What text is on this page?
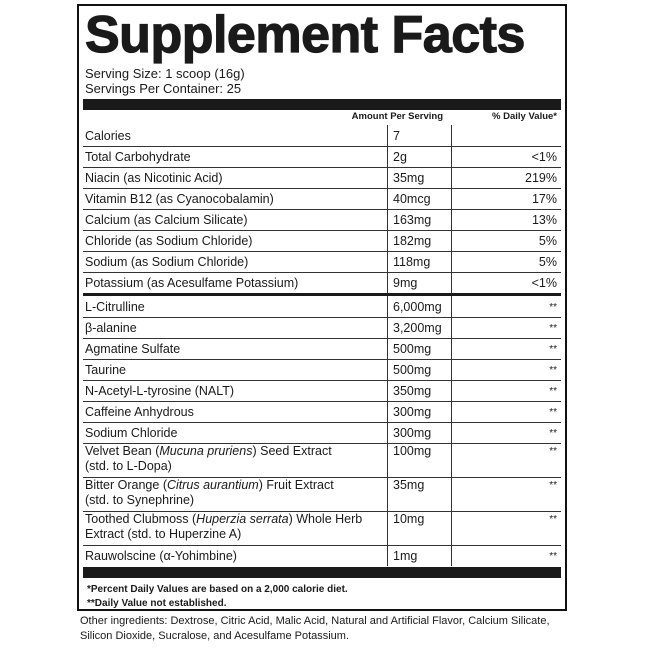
Supplement Facts
Serving Size: 1 scoop (16g)
Servings Per Container: 25
Amount Per Serving	% Daily Value*
Calories	7
Total Carbohydrate	2g	<1%
Niacin (as Nicotinic Acid)	35mg	219%
Vitamin B12 (as Cyanocobalamin)	40mcg	17%
Calcium (as Calcium Silicate)	163mg	13%
Chloride (as Sodium Chloride)	182mg	5%
Sodium (as Sodium Chloride)	118mg	5%
Potassium (as Acesulfame Potassium)	9mg	<1%
L-Citrulline	6,000mg	**
β-alanine	3,200mg	**
Agmatine Sulfate	500mg	**
Taurine	500mg	**
N-Acetyl-L-tyrosine (NALT)	350mg	**
Caffeine Anhydrous	300mg	**
Sodium Chloride	300mg	**
Velvet Bean (Mucuna pruriens) Seed Extract
(std. to L-Dopa)
100mg	**
Bitter Orange (Citrus aurantium) Fruit Extract
(std. to Synephrine)
35mg	**
Toothed Clubmoss (Huperzia serrata) Whole Herb
Extract (std. to Huperzine A)
10mg	**
Rauwolscine (α-Yohimbine)	1mg	**
*Percent Daily Values are based on a 2,000 calorie diet.
**Daily Value not established.
Other ingredients: Dextrose, Citric Acid, Malic Acid, Natural and Artificial Flavor, Calcium Silicate, Silicon Dioxide, Sucralose, and Acesulfame Potassium.
